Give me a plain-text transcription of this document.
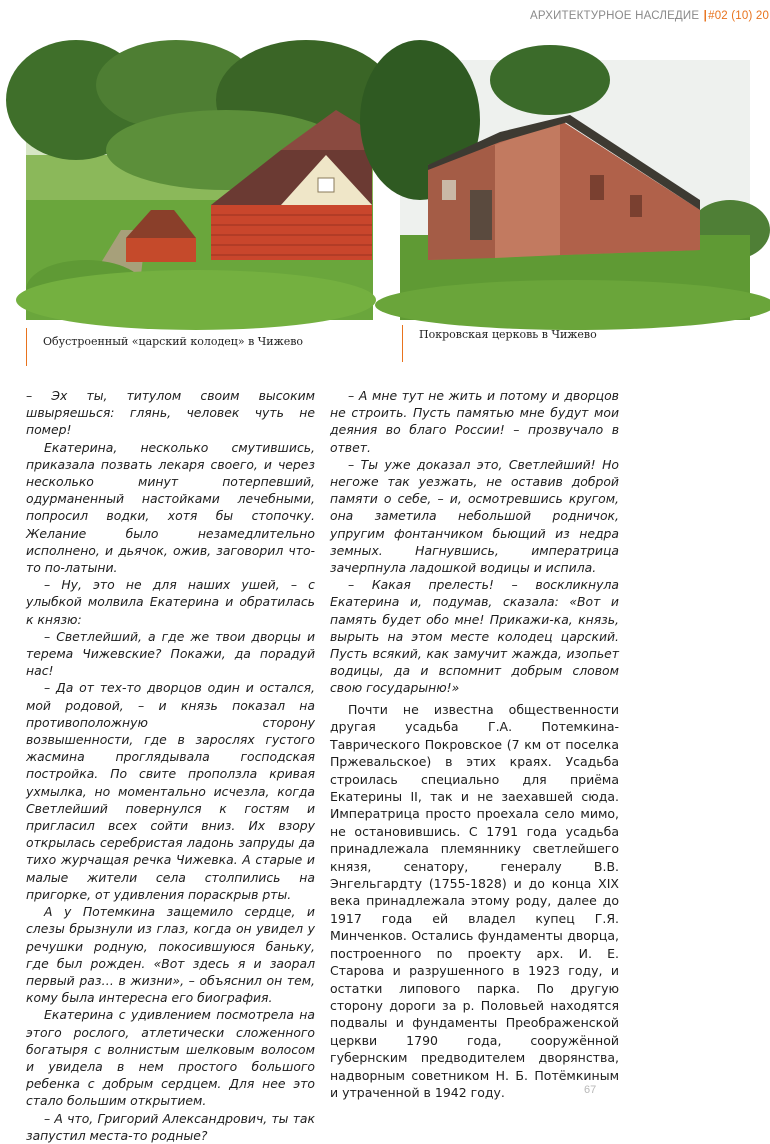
АРХИТЕКТУРНОЕ НАСЛЕДИЕ |#02 (10) 20
Обустроенный «царский колодец» в Чижево
Покровская церковь в Чижево

– Эх ты, титулом своим высоким швыряешься: глянь, человек чуть не помер!

Екатерина, несколько смутившись, приказала позвать лекаря своего, и через несколько минут потерпевший, одурманенный настойками лечебными, попросил водки, хотя бы стопочку. Желание было незамедлительно исполнено, и дьячок, ожив, заговорил что-то по-латыни.

– Ну, это не для наших ушей, – с улыбкой молвила Екатерина и обратилась к князю:

– Светлейший, а где же твои дворцы и терема Чижевские? Покажи, да порадуй нас!

– Да от тех-то дворцов один и остался, мой родовой, – и князь показал на противоположную сторону возвышенности, где в зарослях густого жасмина проглядывала господская постройка. По свите проползла кривая ухмылка, но моментально исчезла, когда Светлейший повернулся к гостям и пригласил всех сойти вниз. Их взору открылась серебристая ладонь запруды да тихо журчащая речка Чижевка. А старые и малые жители села столпились на пригорке, от удивления пораскрыв рты.

А у Потемкина защемило сердце, и слезы брызнули из глаз, когда он увидел у речушки родную, покосившуюся баньку, где был рожден. «Вот здесь я и заорал первый раз… в жизни», – объяснил он тем, кому была интересна его биография.

Екатерина с удивлением посмотрела на этого рослого, атлетически сложенного богатыря с волнистым шелковым волосом и увидела в нем простого большого ребенка с добрым сердцем. Для нее это стало большим открытием.

– А что, Григорий Александрович, ты так запустил места-то родные?

– А мне тут не жить и потому и дворцов не строить. Пусть памятью мне будут мои деяния во благо России! – прозвучало в ответ.

– Ты уже доказал это, Светлейший! Но негоже так уезжать, не оставив доброй памяти о себе, – и, осмотревшись кругом, она заметила небольшой родничок, упругим фонтанчиком бьющий из недра земных. Нагнувшись, императрица зачерпнула ладошкой водицы и испила.

– Какая прелесть! – воскликнула Екатерина и, подумав, сказала: «Вот и память будет обо мне! Прикажи-ка, князь, вырыть на этом месте колодец царский. Пусть всякий, как замучит жажда, изопьет водицы, да и вспомнит добрым словом свою государыню!»

Почти не известна общественности другая усадьба Г.А. Потемкина-Таврического Покровское (7 км от поселка Пржевальское) в этих краях. Усадьба строилась специально для приёма Екатерины II, так и не заехавшей сюда. Императрица просто проехала село мимо, не остановившись. С 1791 года усадьба принадлежала племяннику светлейшего князя, сенатору, генералу В.В. Энгельгардту (1755-1828) и до конца XIX века принадлежала этому роду, далее до 1917 года ей владел купец Г.Я. Минченков. Остались фундаменты дворца, построенного по проекту арх. И. Е. Старова и разрушенного в 1923 году, и остатки липового парка. По другую сторону дороги за р. Половьей находятся подвалы и фундаменты Преображенской церкви 1790 года, сооружённой губернским предводителем дворянства, надворным советником Н. Б. Потёмкиным и утраченной в 1942 году.	67
